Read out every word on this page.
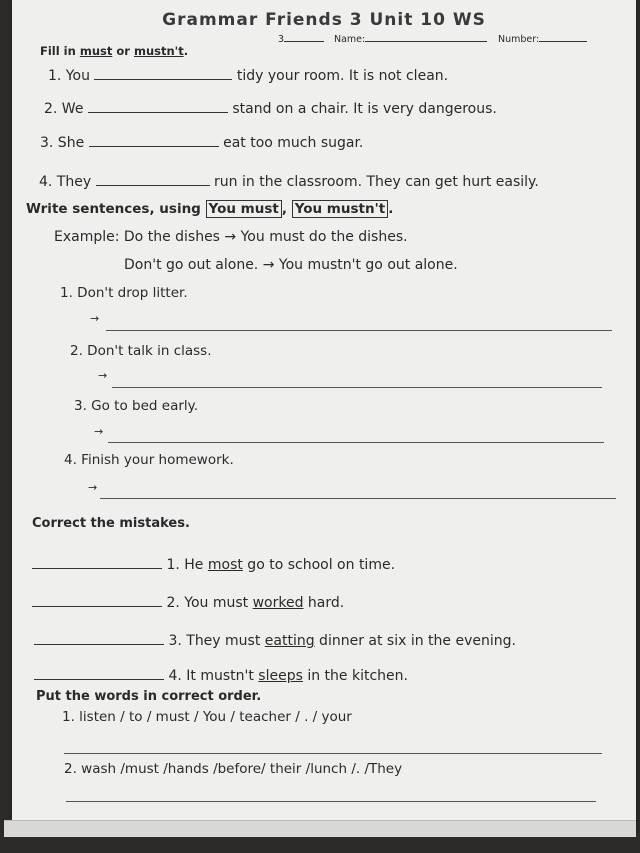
Grammar Friends 3 Unit 10 WS
3	Name:	Number:
Fill in must or mustn't.
1. You	tidy your room. It is not clean.
2. We	stand on a chair. It is very dangerous.
3. She	eat too much sugar.
4. They	run in the classroom. They can get hurt easily.
Write sentences, using You must , You mustn't .
Example: Do the dishes → You must do the dishes.
Don't go out alone. → You mustn't go out alone.
1. Don't drop litter.
→
2. Don't talk in class.
→
3. Go to bed early.
→
4. Finish your homework.
→
Correct the mistakes.
1. He most go to school on time.
2. You must worked hard.
3. They must eatting dinner at six in the evening.
4. It mustn't sleeps in the kitchen.
Put the words in correct order.
1. listen / to / must / You / teacher / . / your
2. wash /must /hands /before/ their /lunch /. /They
